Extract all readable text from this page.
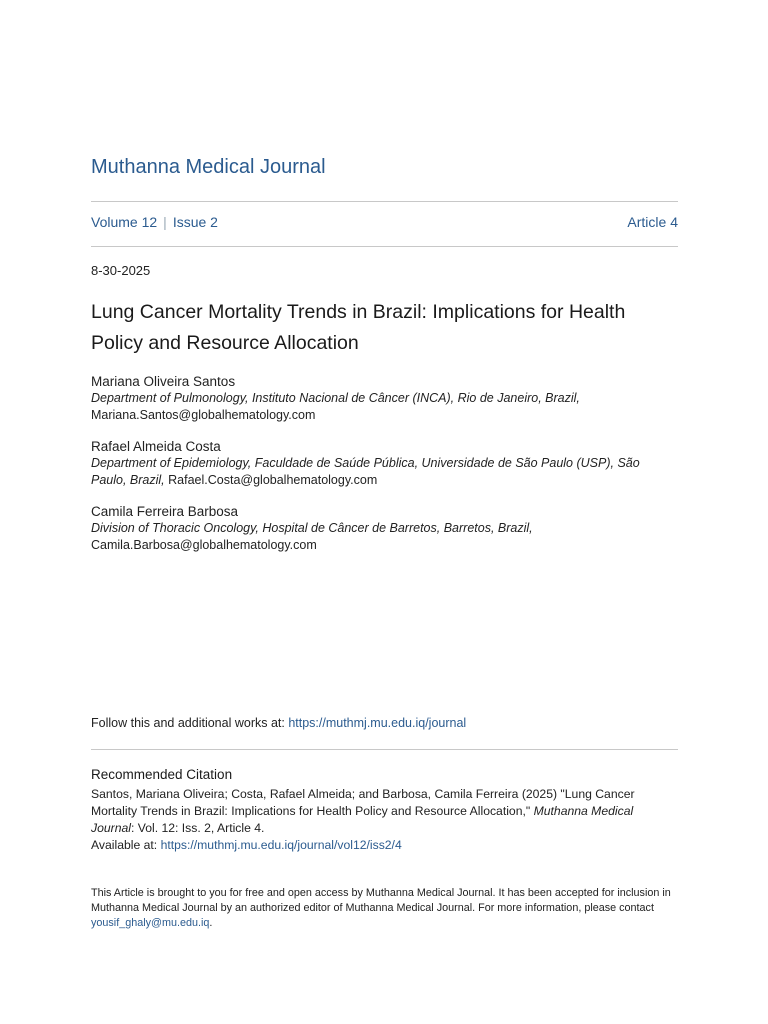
Muthanna Medical Journal
Volume 12 | Issue 2	Article 4
8-30-2025
Lung Cancer Mortality Trends in Brazil: Implications for Health Policy and Resource Allocation
Mariana Oliveira Santos
Department of Pulmonology, Instituto Nacional de Câncer (INCA), Rio de Janeiro, Brazil,
Mariana.Santos@globalhematology.com
Rafael Almeida Costa
Department of Epidemiology, Faculdade de Saúde Pública, Universidade de São Paulo (USP), São Paulo, Brazil, Rafael.Costa@globalhematology.com
Camila Ferreira Barbosa
Division of Thoracic Oncology, Hospital de Câncer de Barretos, Barretos, Brazil,
Camila.Barbosa@globalhematology.com
Follow this and additional works at: https://muthmj.mu.edu.iq/journal
Recommended Citation
Santos, Mariana Oliveira; Costa, Rafael Almeida; and Barbosa, Camila Ferreira (2025) "Lung Cancer Mortality Trends in Brazil: Implications for Health Policy and Resource Allocation," Muthanna Medical Journal: Vol. 12: Iss. 2, Article 4.
Available at: https://muthmj.mu.edu.iq/journal/vol12/iss2/4
This Article is brought to you for free and open access by Muthanna Medical Journal. It has been accepted for inclusion in Muthanna Medical Journal by an authorized editor of Muthanna Medical Journal. For more information, please contact yousif_ghaly@mu.edu.iq.
